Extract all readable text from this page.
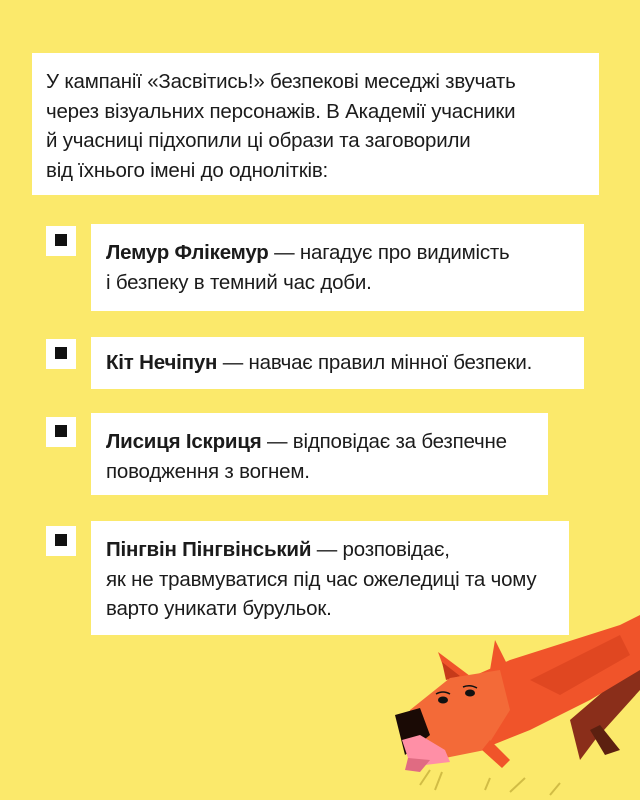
У кампанії «Засвітись!» безпекові меседжі звучать

через візуальних персонажів. В Академії учасники

й учасниці підхопили ці образи та заговорили

від їхнього імені до однолітків:

Лемур Флікемур — нагадує про видимість

і безпеку в темний час доби.

Кіт Нечіпун — навчає правил мінної безпеки.

Лисиця Іскриця — відповідає за безпечне

поводження з вогнем.

Пінгвін Пінгвінський — розповідає,

як не травмуватися під час ожеледиці та чому

варто уникати бурульок.
